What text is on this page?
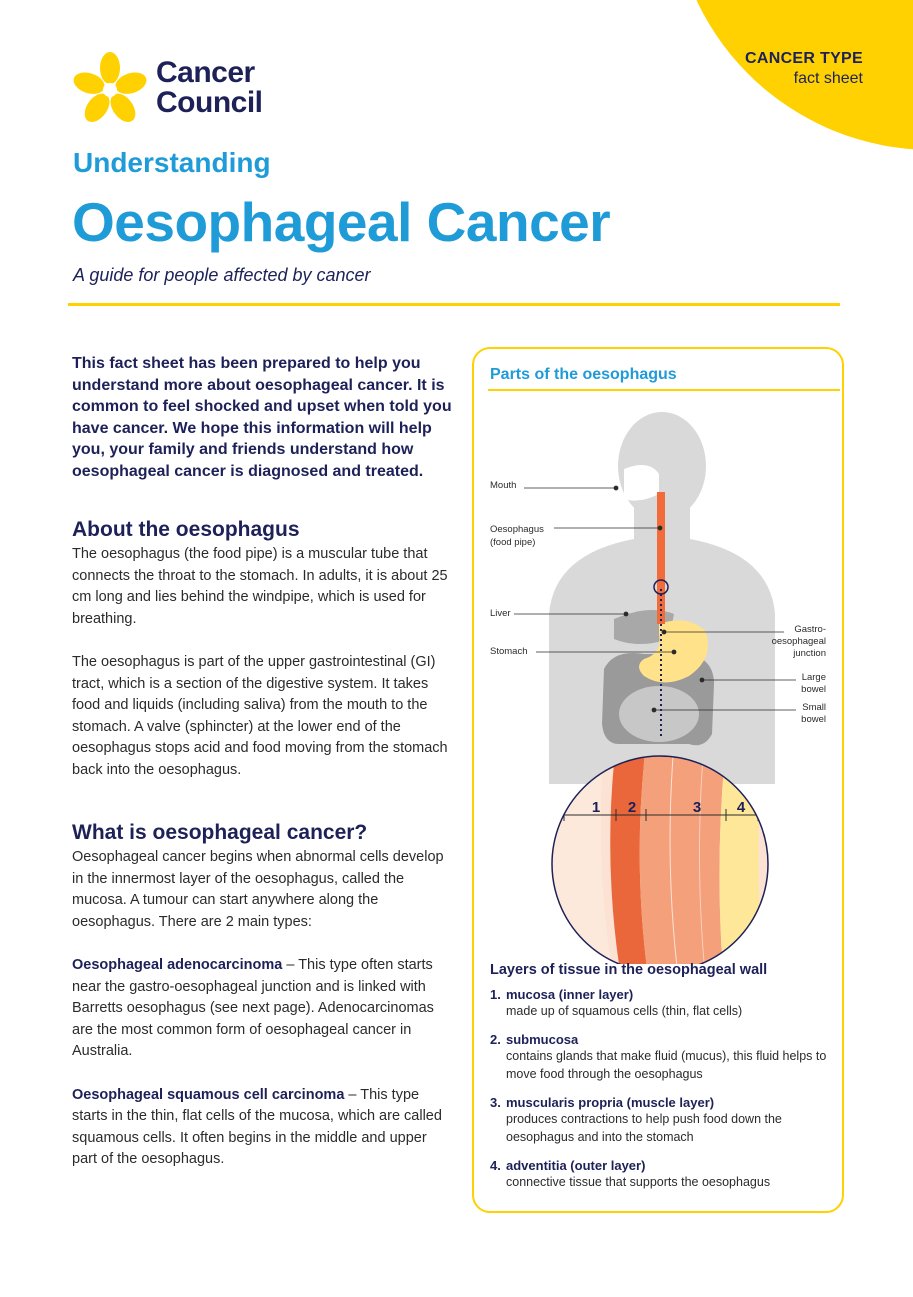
CANCER TYPE
fact sheet
Cancer
Council
Understanding
Oesophageal Cancer
A guide for people affected by cancer
This fact sheet has been prepared to help you understand more about oesophageal cancer. It is common to feel shocked and upset when told you have cancer. We hope this information will help you, your family and friends understand how oesophageal cancer is diagnosed and treated.
About the oesophagus

The oesophagus (the food pipe) is a muscular tube that connects the throat to the stomach. In adults, it is about 25 cm long and lies behind the windpipe, which is used for breathing.

The oesophagus is part of the upper gastrointestinal (GI) tract, which is a section of the digestive system. It takes food and liquids (including saliva) from the mouth to the stomach. A valve (sphincter) at the lower end of the oesophagus stops acid and food moving from the stomach back into the oesophagus.

What is oesophageal cancer?

Oesophageal cancer begins when abnormal cells develop in the innermost layer of the oesophagus, called the mucosa. A tumour can start anywhere along the oesophagus. There are 2 main types:

Oesophageal adenocarcinoma – This type often starts near the gastro-oesophageal junction and is linked with Barretts oesophagus (see next page). Adenocarcinomas are the most common form of oesophageal cancer in Australia.

Oesophageal squamous cell carcinoma – This type starts in the thin, flat cells of the mucosa, which are called squamous cells. It often begins in the middle and upper part of the oesophagus.

Parts of the oesophagus
Mouth
Oesophagus
(food pipe)
Liver
Stomach
Gastro-
oesophageal
junction
Large
bowel
Small
bowel
1 2	3 4
Layers of tissue in the oesophageal wall
1. mucosa (inner layer)
made up of squamous cells (thin, flat cells)
2. submucosa
contains glands that make fluid (mucus), this fluid helps to move food through the oesophagus
3. muscularis propria (muscle layer)
produces contractions to help push food down the oesophagus and into the stomach
4. adventitia (outer layer)
connective tissue that supports the oesophagus
